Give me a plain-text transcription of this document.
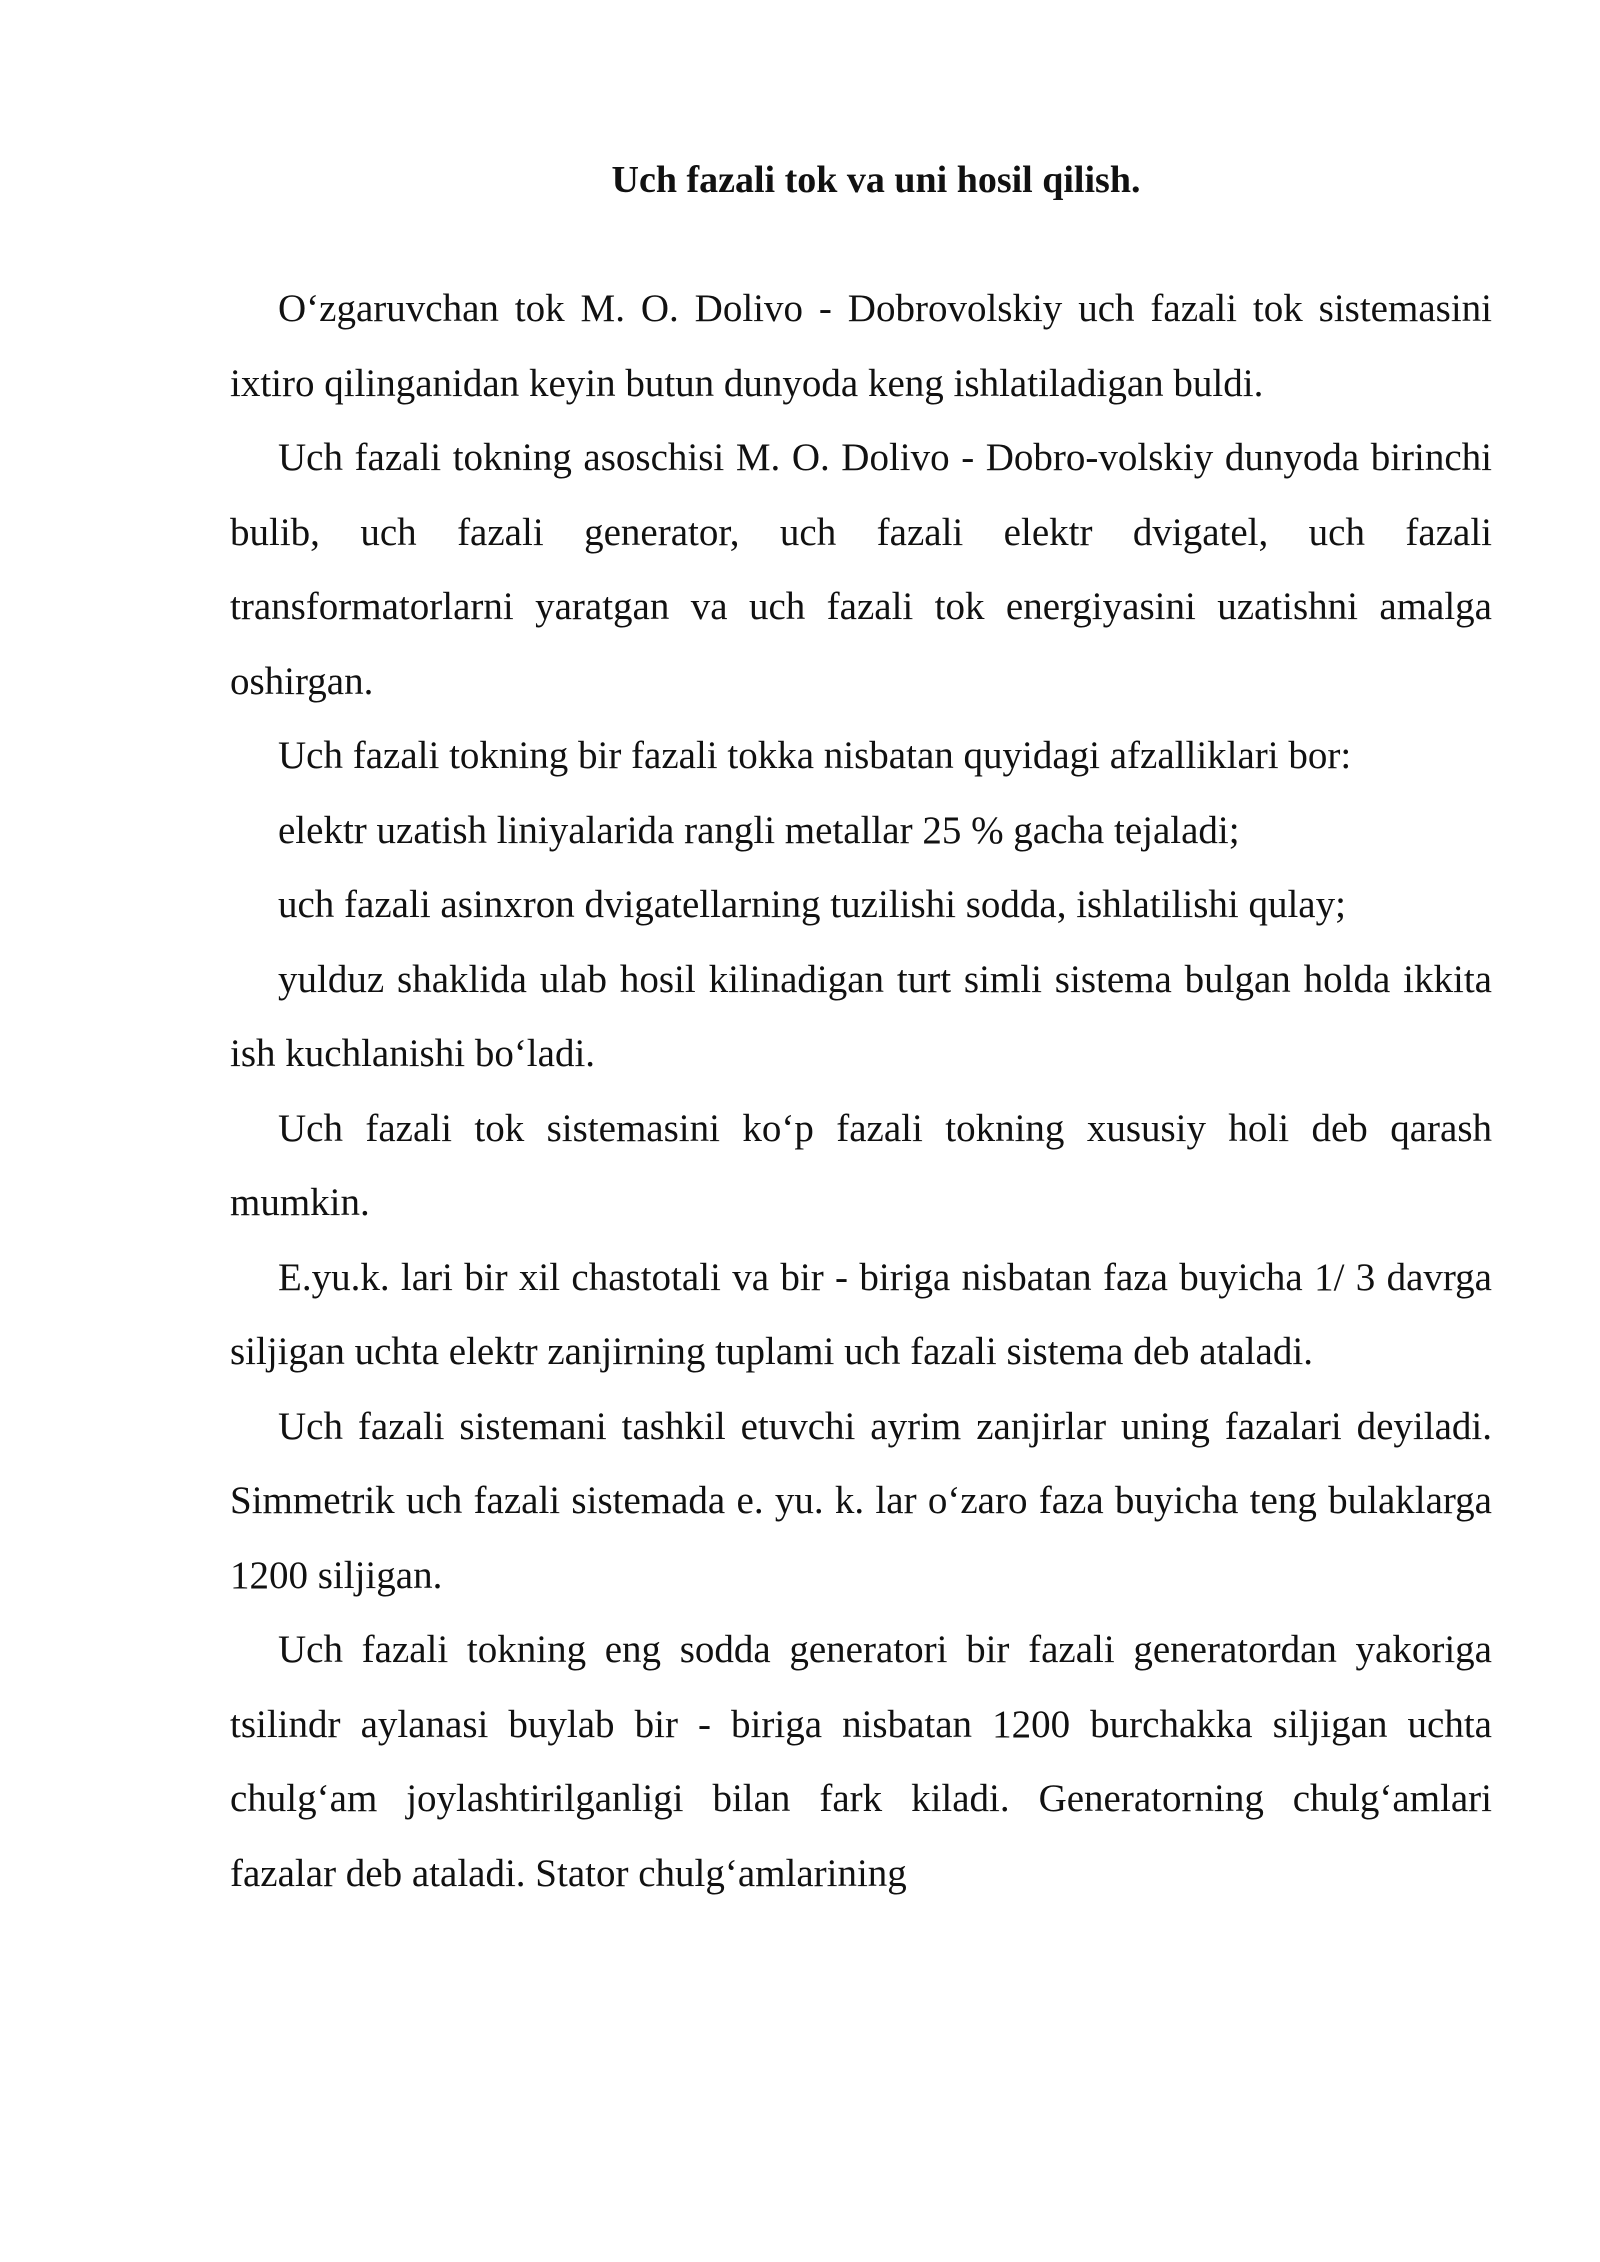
Uch fazali tok va uni hosil qilish.

O‘zgaruvchan tok M. O. Dolivo - Dobrovolskiy uch fazali tok sistemasini ixtiro qilinganidan keyin butun dunyoda keng ishlatiladigan buldi.

Uch fazali tokning asoschisi M. O. Dolivo - Dobro-volskiy dunyoda birinchi bulib, uch fazali generator, uch fazali elektr dvigatel, uch fazali transformatorlarni yaratgan va uch fazali tok energiyasini uzatishni amalga oshirgan.

Uch fazali tokning bir fazali tokka nisbatan quyidagi afzalliklari bor:

elektr uzatish liniyalarida rangli metallar 25 % gacha tejaladi;

uch fazali asinxron dvigatellarning tuzilishi sodda, ishlatilishi qulay;

yulduz shaklida ulab hosil kilinadigan turt simli sistema bulgan holda ikkita ish kuchlanishi bo‘ladi.

Uch fazali tok sistemasini ko‘p fazali tokning xususiy holi deb qarash mumkin.

E.yu.k. lari bir xil chastotali va bir - biriga nisbatan faza buyicha 1/ 3 davrga siljigan uchta elektr zanjirning tuplami uch fazali sistema deb ataladi.

Uch fazali sistemani tashkil etuvchi ayrim zanjirlar uning fazalari deyiladi. Simmetrik uch fazali sistemada e. yu. k. lar o‘zaro faza buyicha teng bulaklarga 1200 siljigan.

Uch fazali tokning eng sodda generatori bir fazali generatordan yakoriga tsilindr aylanasi buylab bir - biriga nisbatan 1200 burchakka siljigan uchta chulg‘am joylashtirilganligi bilan fark kiladi. Generatorning chulg‘amlari fazalar deb ataladi. Stator chulg‘amlarining
